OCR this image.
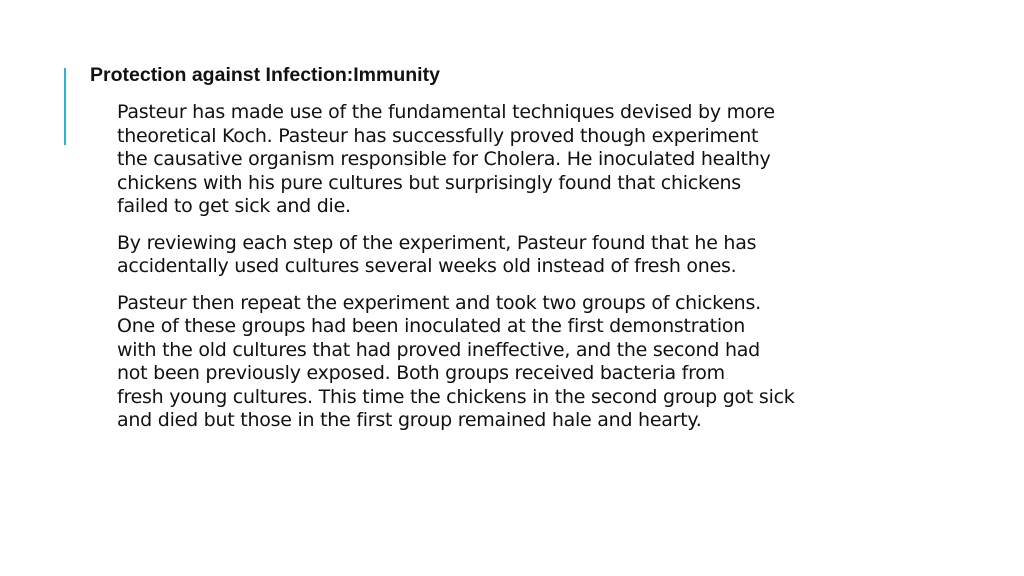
Protection against Infection:Immunity

Pasteur has made use of the fundamental techniques devised by more
theoretical Koch. Pasteur has successfully proved though experiment
the causative organism responsible for Cholera. He inoculated healthy
chickens with his pure cultures but surprisingly found that chickens
failed to get sick and die.

By reviewing each step of the experiment, Pasteur found that he has
accidentally used cultures several weeks old instead of fresh ones.

Pasteur then repeat the experiment and took two groups of chickens.
One of these groups had been inoculated at the first demonstration
with the old cultures that had proved ineffective, and the second had
not been previously exposed. Both groups received bacteria from
fresh young cultures. This time the chickens in the second group got sick
and died but those in the first group remained hale and hearty.
